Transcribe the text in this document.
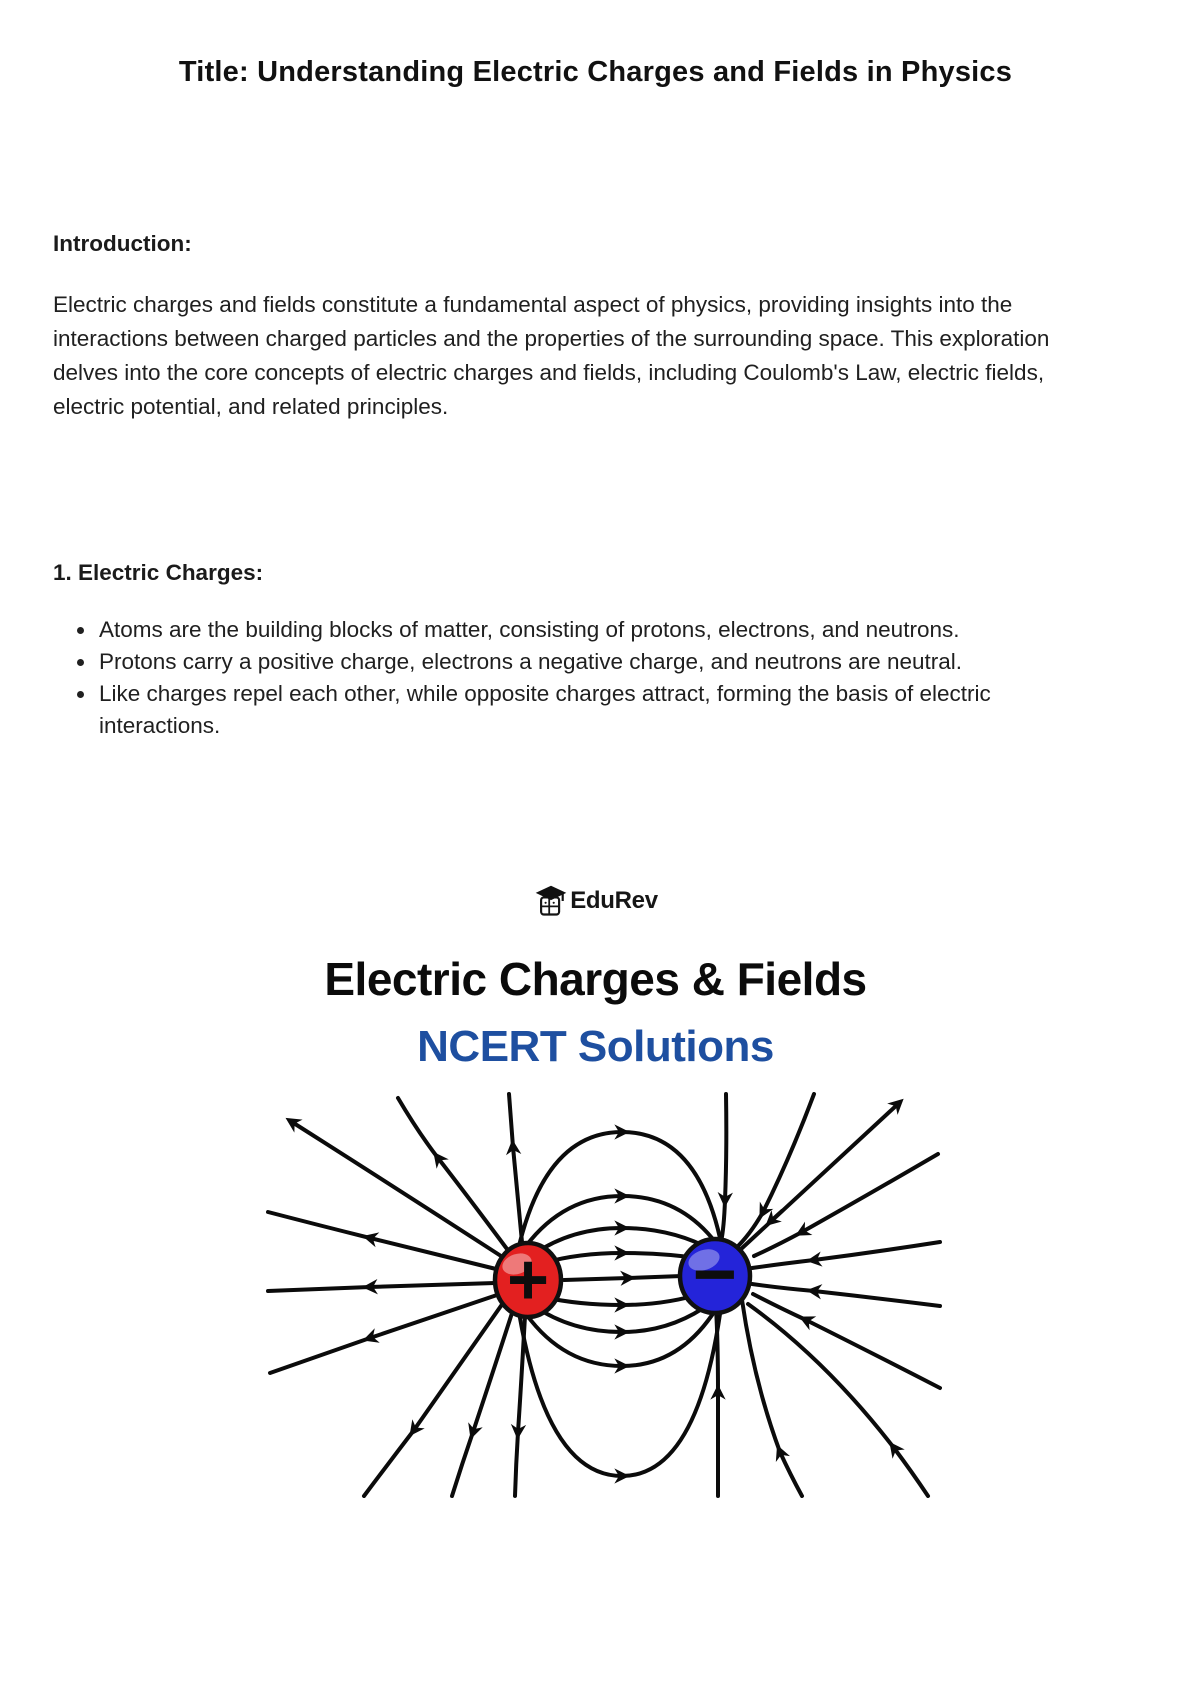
Title: Understanding Electric Charges and Fields in Physics
Introduction:

Electric charges and fields constitute a fundamental aspect of physics, providing insights into the interactions between charged particles and the properties of the surrounding space. This exploration delves into the core concepts of electric charges and fields, including Coulomb's Law, electric fields, electric potential, and related principles.

1. Electric Charges:
• Atoms are the building blocks of matter, consisting of protons, electrons, and neutrons.
• Protons carry a positive charge, electrons a negative charge, and neutrons are neutral.
• Like charges repel each other, while opposite charges attract, forming the basis of electric interactions.
EduRev
Electric Charges & Fields
NCERT Solutions
+ −
